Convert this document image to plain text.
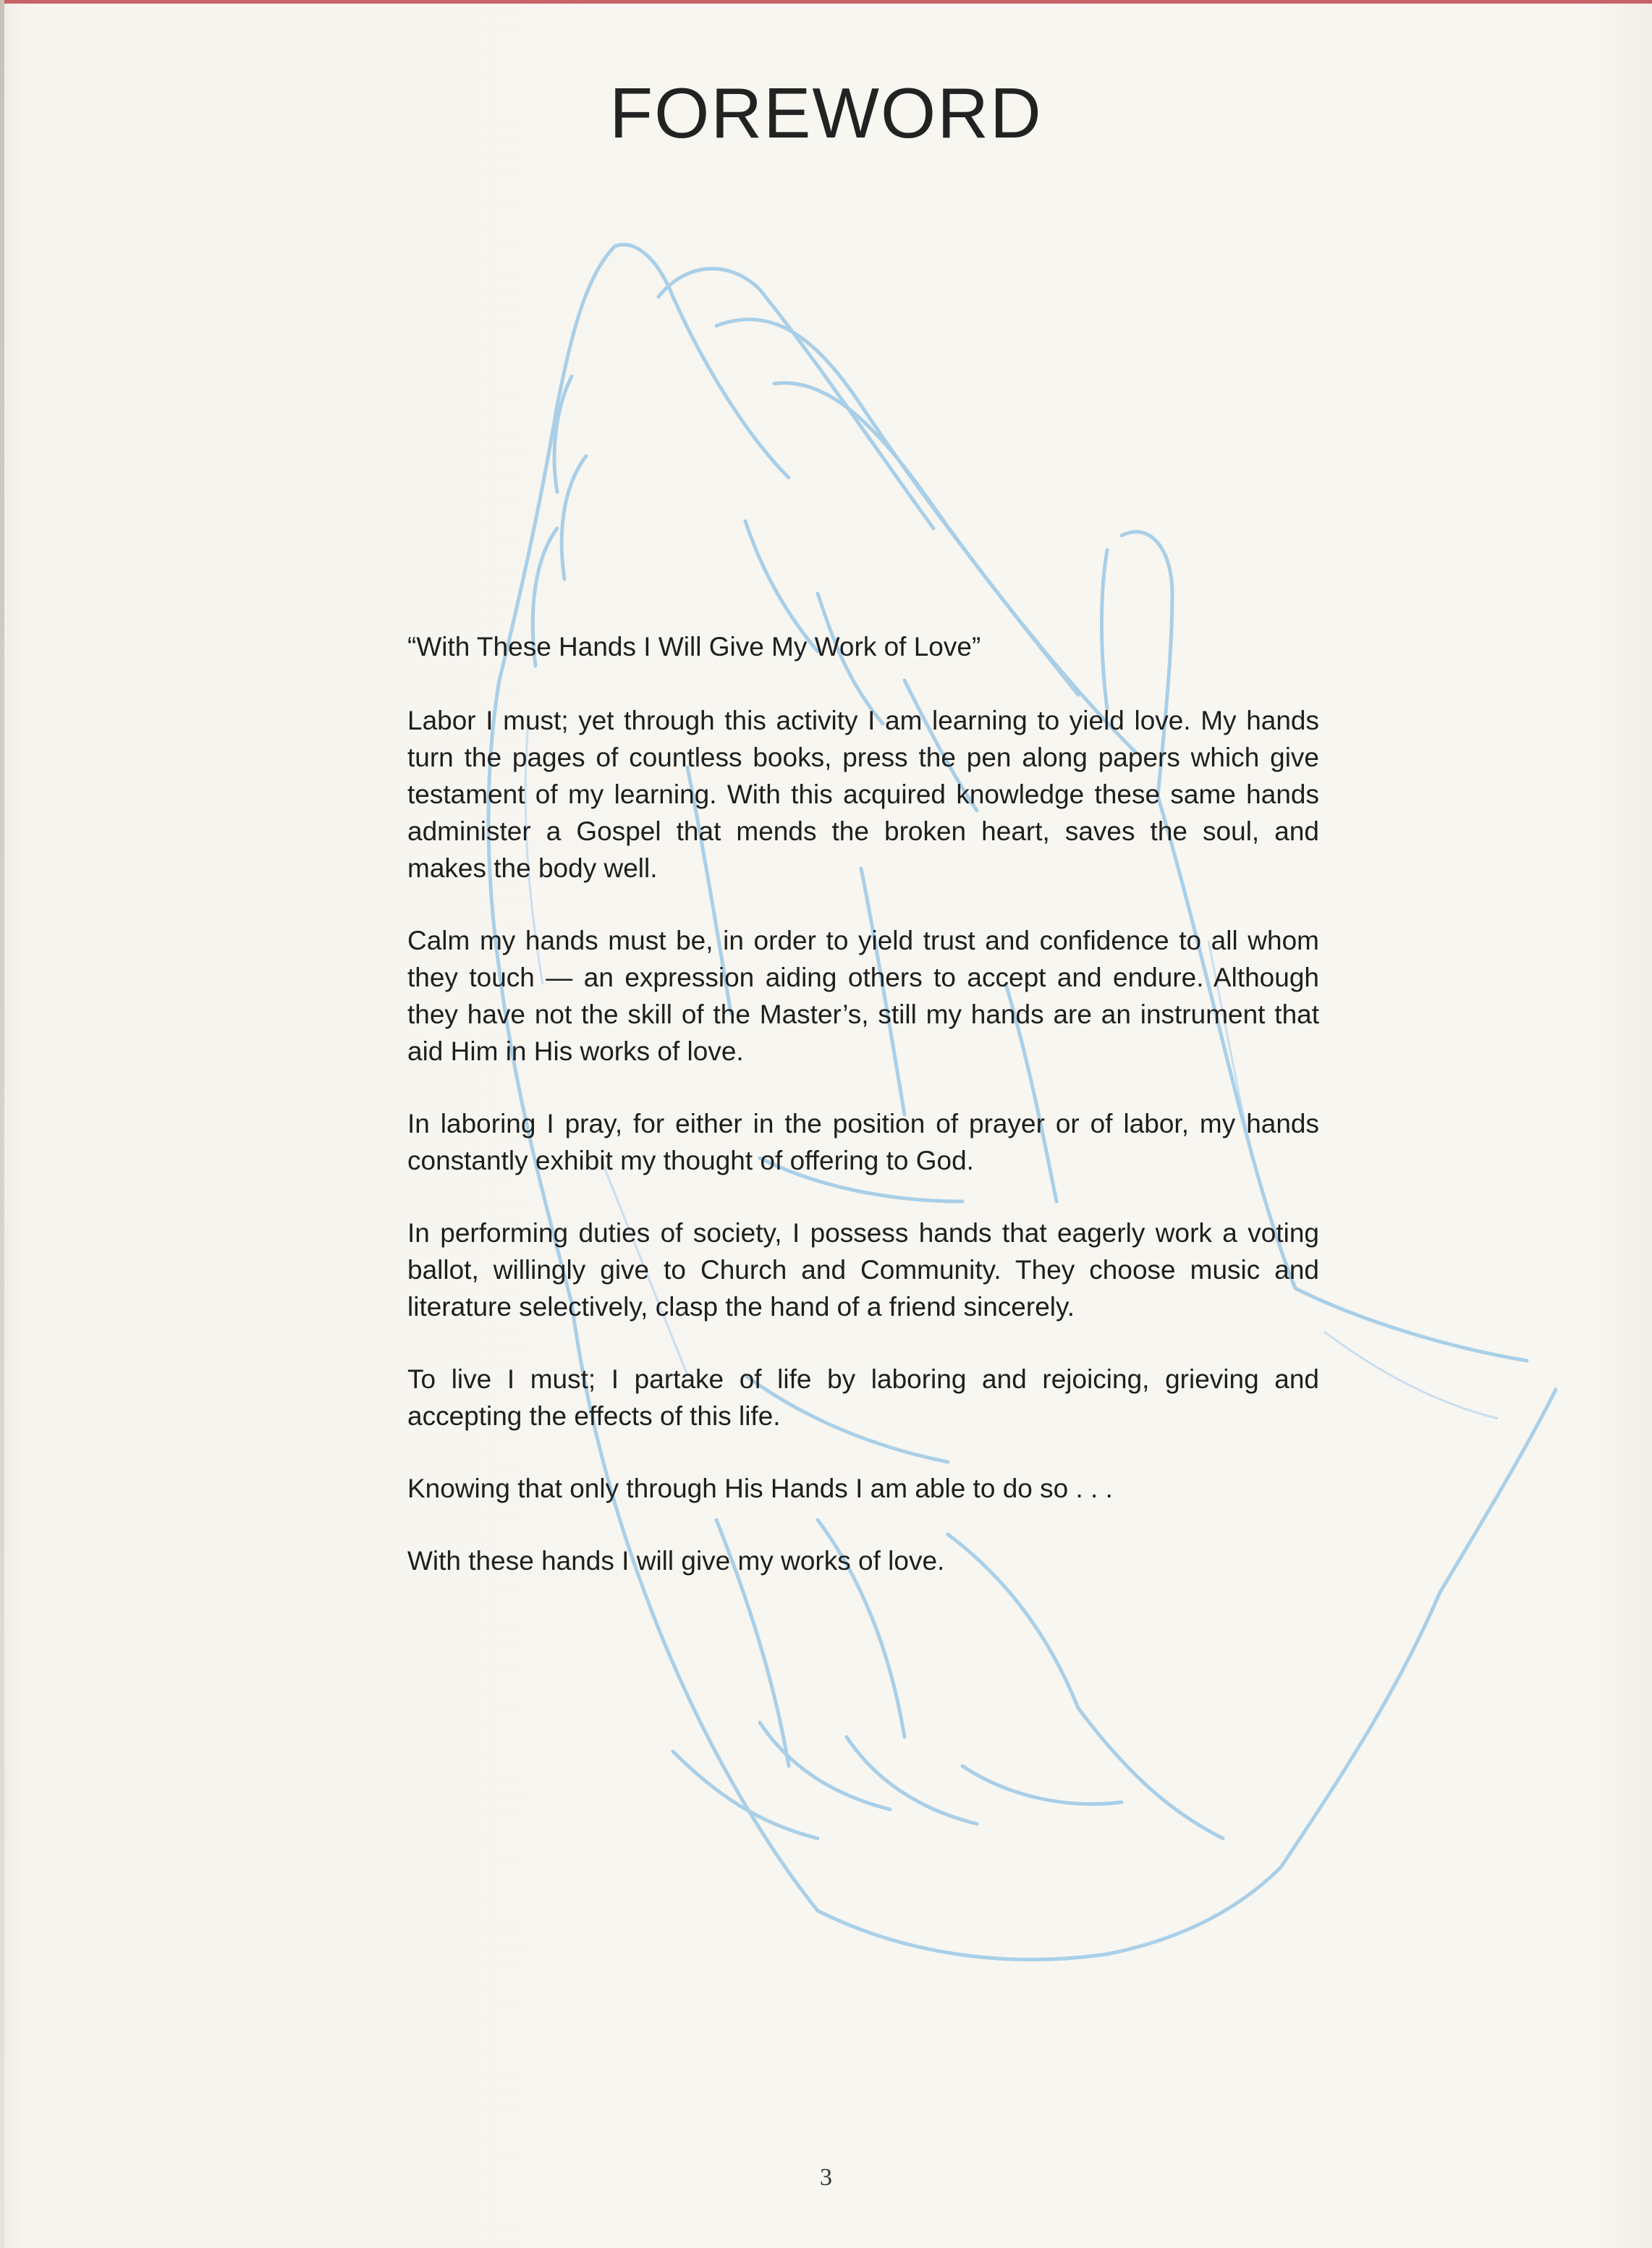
FOREWORD

“With These Hands I Will Give My Work of Love”

Labor I must; yet through this activity I am learning to yield love. My hands turn the pages of countless books, press the pen along papers which give testament of my learning. With this acquired knowledge these same hands administer a Gospel that mends the broken heart, saves the soul, and makes the body well.

Calm my hands must be, in order to yield trust and confidence to all whom they touch — an expression aiding others to accept and endure. Although they have not the skill of the Master’s, still my hands are an instrument that aid Him in His works of love.

In laboring I pray, for either in the position of prayer or of labor, my hands constantly exhibit my thought of offering to God.

In performing duties of society, I possess hands that eagerly work a voting ballot, willingly give to Church and Community. They choose music and literature selectively, clasp the hand of a friend sincerely.

To live I must; I partake of life by laboring and rejoicing, grieving and accepting the effects of this life.

Knowing that only through His Hands I am able to do so . . .

With these hands I will give my works of love.

3
